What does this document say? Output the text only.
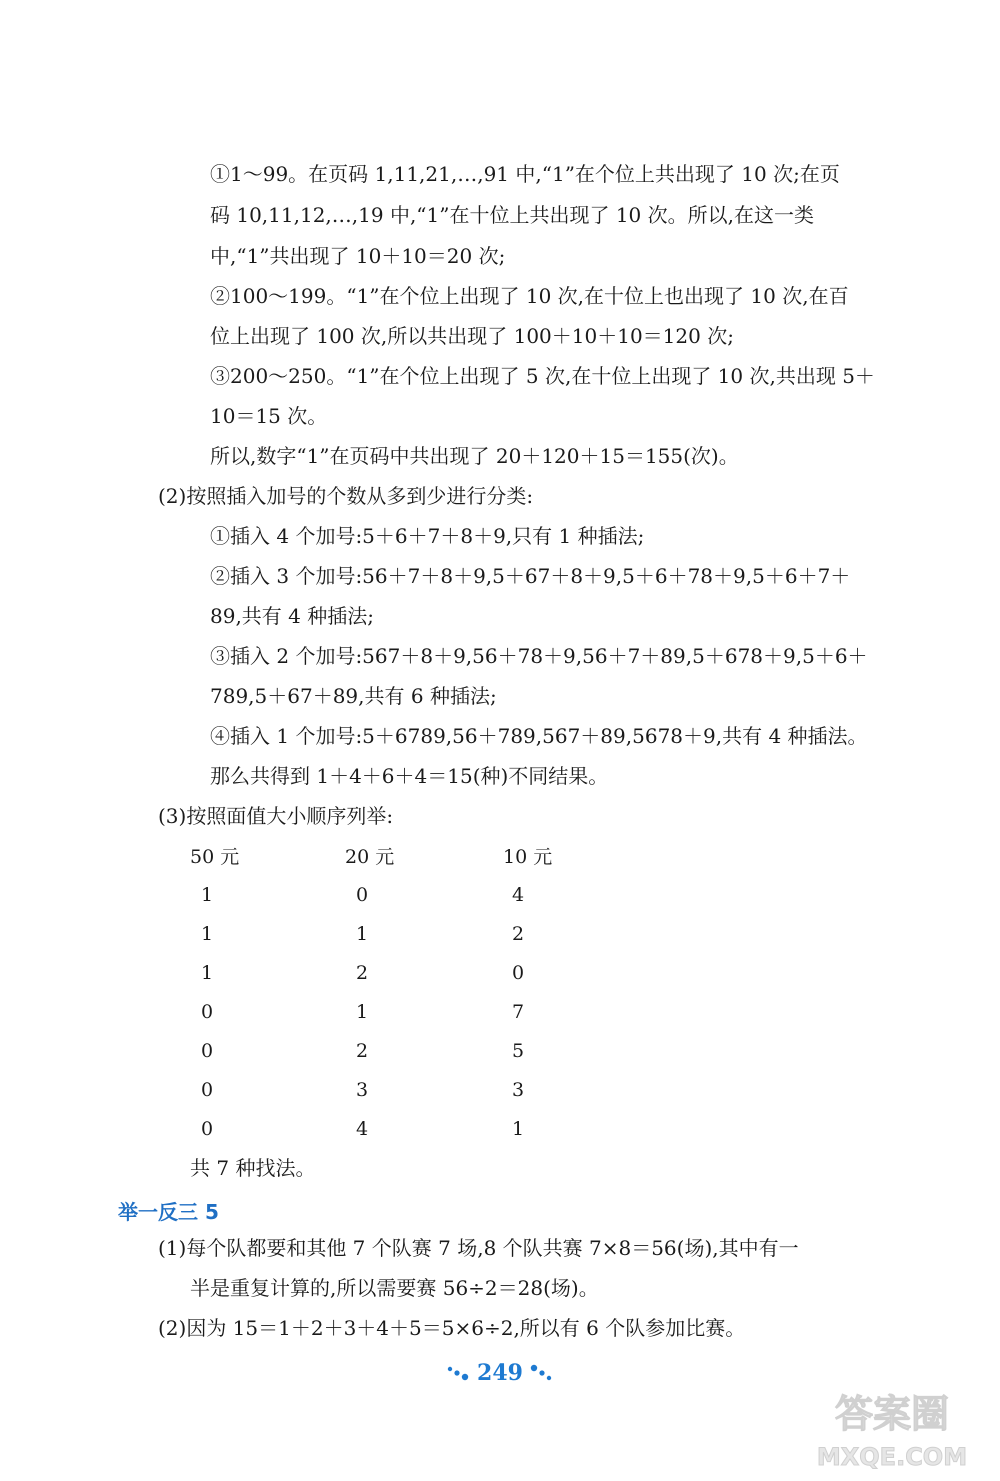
①1～99。在页码 1,11,21,…,91 中,“1”在个位上共出现了 10 次;在页
码 10,11,12,…,19 中,“1”在十位上共出现了 10 次。所以,在这一类
中,“1”共出现了 10＋10＝20 次;
②100～199。“1”在个位上出现了 10 次,在十位上也出现了 10 次,在百
位上出现了 100 次,所以共出现了 100＋10＋10＝120 次;
③200～250。“1”在个位上出现了 5 次,在十位上出现了 10 次,共出现 5＋
10＝15 次。
所以,数字“1”在页码中共出现了 20＋120＋15＝155(次)。
(2)按照插入加号的个数从多到少进行分类:
①插入 4 个加号:5＋6＋7＋8＋9,只有 1 种插法;
②插入 3 个加号:56＋7＋8＋9,5＋67＋8＋9,5＋6＋78＋9,5＋6＋7＋
89,共有 4 种插法;
③插入 2 个加号:567＋8＋9,56＋78＋9,56＋7＋89,5＋678＋9,5＋6＋
789,5＋67＋89,共有 6 种插法;
④插入 1 个加号:5＋6789,56＋789,567＋89,5678＋9,共有 4 种插法。
那么共得到 1＋4＋6＋4＝15(种)不同结果。
(3)按照面值大小顺序列举:
50 元	20 元	10 元
1	0	4
1	1	2
1	2	0
0	1	7
0	2	5
0	3	3
0	4	1
共 7 种找法。
举一反三 5
(1)每个队都要和其他 7 个队赛 7 场,8 个队共赛 7×8＝56(场),其中有一
半是重复计算的,所以需要赛 56÷2＝28(场)。
(2)因为 15＝1＋2＋3＋4＋5＝5×6÷2,所以有 6 个队参加比赛。
249
答案圈
MXQE.COM
